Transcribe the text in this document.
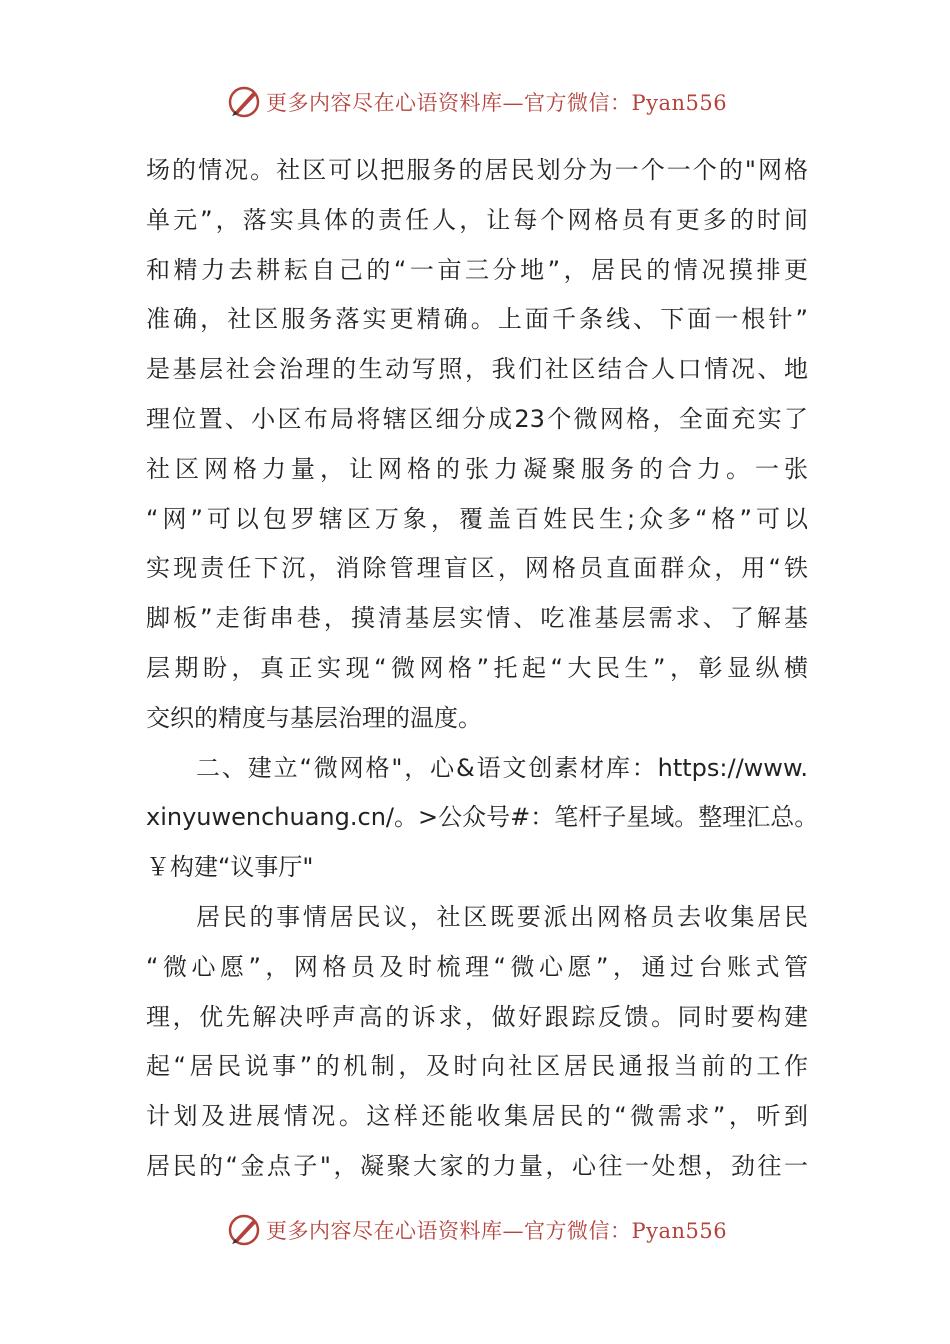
更多内容尽在心语资料库—官方微信：Pyan556
场的情况。社区可以把服务的居民划分为一个一个的"网格
单元”，落实具体的责任人，让每个网格员有更多的时间
和精力去耕耘自己的“一亩三分地”，居民的情况摸排更
准确，社区服务落实更精确。上面千条线、下面一根针”
是基层社会治理的生动写照，我们社区结合人口情况、地
理位置、小区布局将辖区细分成23个微网格，全面充实了
社区网格力量，让网格的张力凝聚服务的合力。一张
“网”可以包罗辖区万象，覆盖百姓民生;众多“格”可以
实现责任下沉，消除管理盲区，网格员直面群众，用“铁
脚板”走街串巷，摸清基层实情、吃准基层需求、了解基
层期盼，真正实现“微网格”托起“大民生”，彰显纵横
交织的精度与基层治理的温度。
二、建立“微网格"，心&语文创素材库：https://www.
xinyuwenchuang.cn/。>公众号#：笔杆子星域。整理汇总。
￥构建“议事厅"
居民的事情居民议，社区既要派出网格员去收集居民
“微心愿”，网格员及时梳理“微心愿”，通过台账式管
理，优先解决呼声高的诉求，做好跟踪反馈。同时要构建
起“居民说事”的机制，及时向社区居民通报当前的工作
计划及进展情况。这样还能收集居民的“微需求”，听到
居民的“金点子"，凝聚大家的力量，心往一处想，劲往一
更多内容尽在心语资料库—官方微信：Pyan556
